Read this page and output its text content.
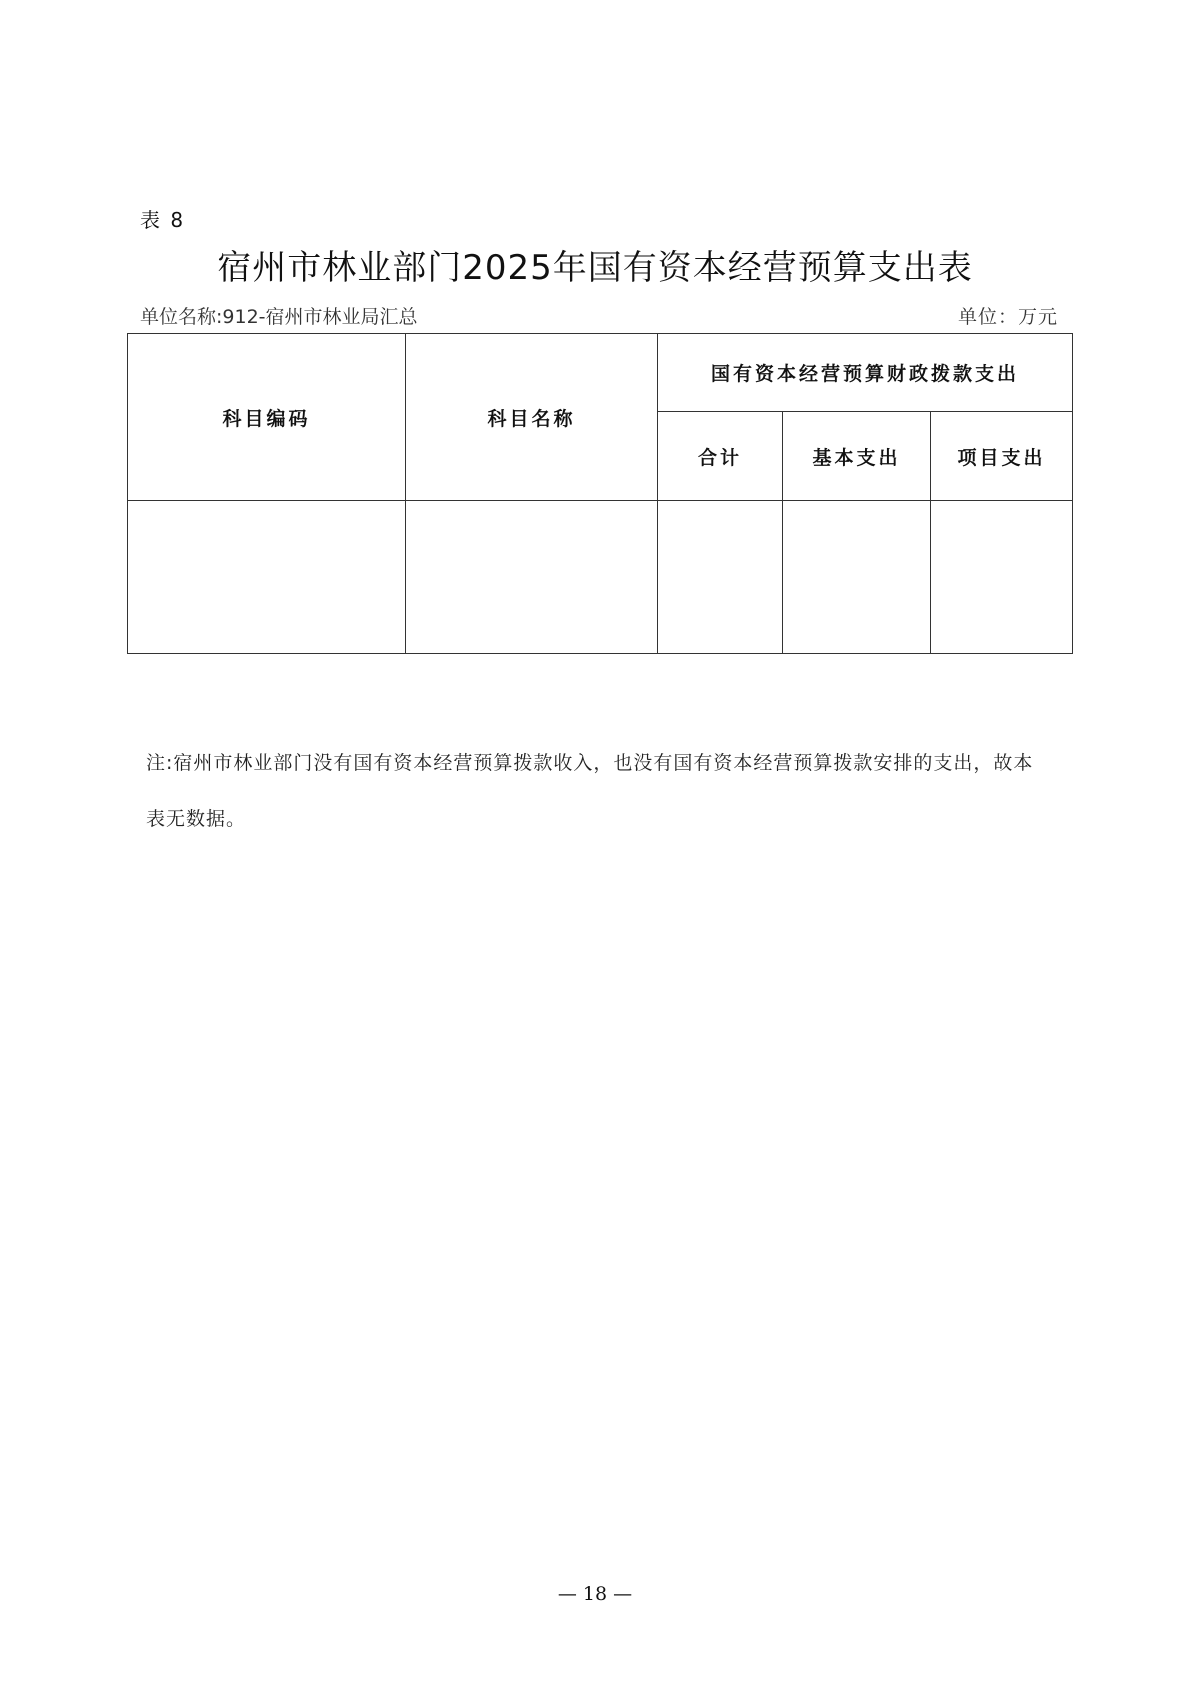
表 8
宿州市林业部门2025年国有资本经营预算支出表
单位名称:912-宿州市林业局汇总	单位：万元
科目编码	科目名称	国有资本经营预算财政拨款支出		
		合计	基本支出	项目支出

注:宿州市林业部门没有国有资本经营预算拨款收入，也没有国有资本经营预算拨款安排的支出，故本表无数据。
— 18 —
